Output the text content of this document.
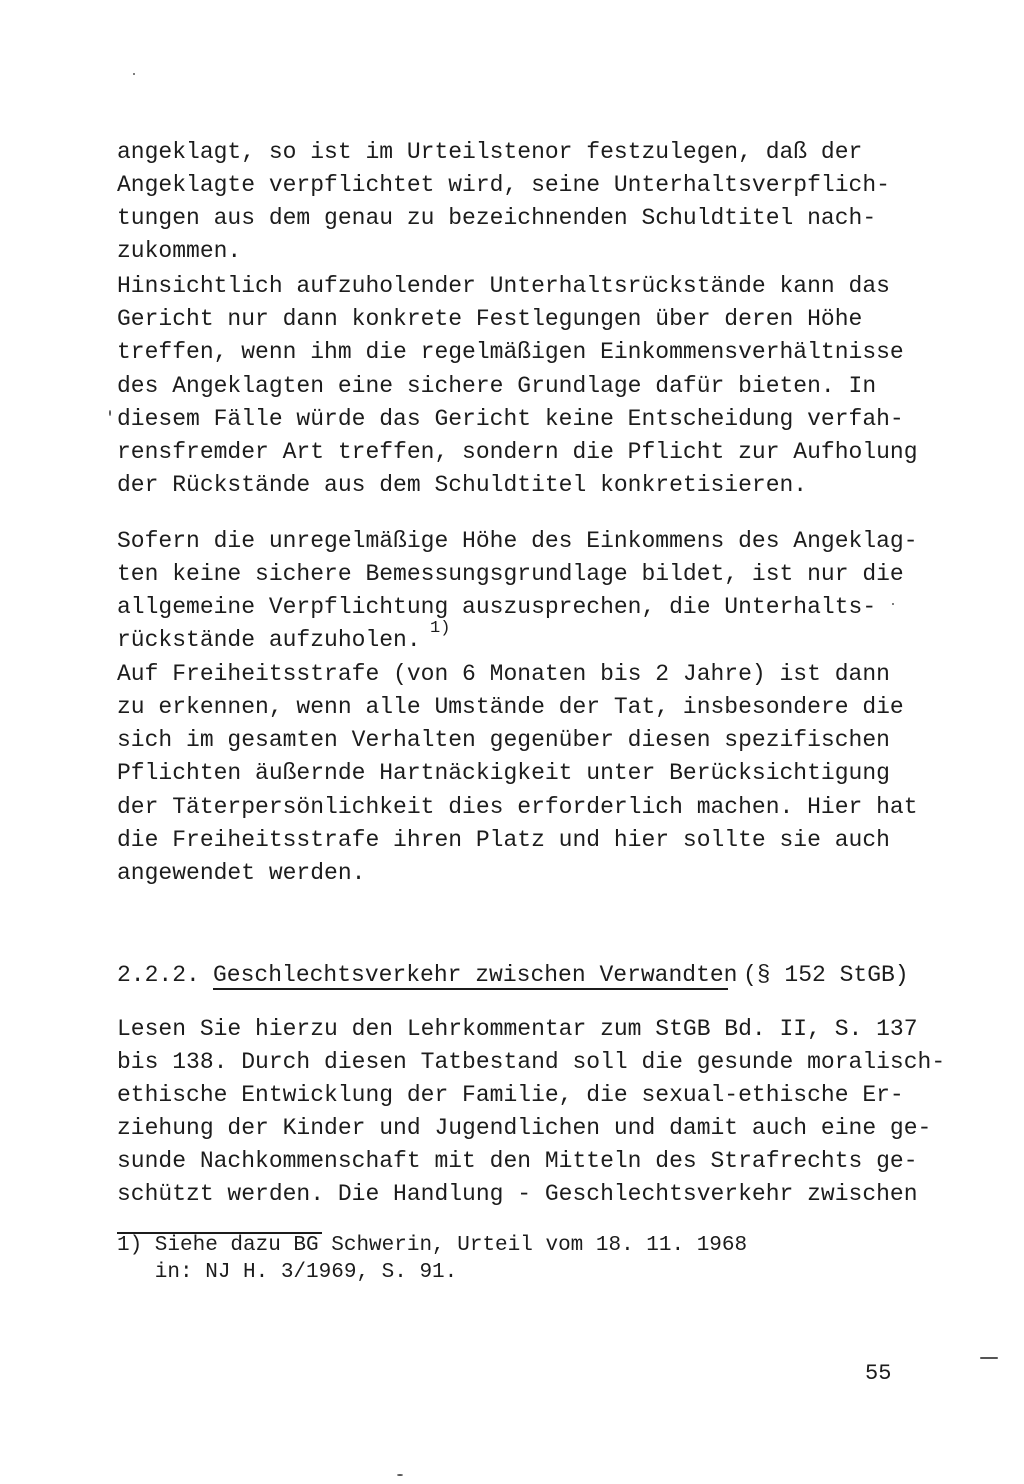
angeklagt, so ist im Urteilstenor festzulegen, daß der
Angeklagte verpflichtet wird, seine Unterhaltsverpflich-
tungen aus dem genau zu bezeichnenden Schuldtitel nach-
zukommen.
Hinsichtlich aufzuholender Unterhaltsrückstände kann das
Gericht nur dann konkrete Festlegungen über deren Höhe
treffen, wenn ihm die regelmäßigen Einkommensverhältnisse
des Angeklagten eine sichere Grundlage dafür bieten. In
diesem Fälle würde das Gericht keine Entscheidung verfah-
rensfremder Art treffen, sondern die Pflicht zur Aufholung
der Rückstände aus dem Schuldtitel konkretisieren.
Sofern die unregelmäßige Höhe des Einkommens des Angeklag-
ten keine sichere Bemessungsgrundlage bildet, ist nur die
allgemeine Verpflichtung auszusprechen, die Unterhalts-
rückstände aufzuholen. 1)
Auf Freiheitsstrafe (von 6 Monaten bis 2 Jahre) ist dann
zu erkennen, wenn alle Umstände der Tat, insbesondere die
sich im gesamten Verhalten gegenüber diesen spezifischen
Pflichten äußernde Hartnäckigkeit unter Berücksichtigung
der Täterpersönlichkeit dies erforderlich machen. Hier hat
die Freiheitsstrafe ihren Platz und hier sollte sie auch
angewendet werden.
2.2.2. Geschlechtsverkehr zwischen Verwandten (§ 152 StGB)
Lesen Sie hierzu den Lehrkommentar zum StGB Bd. II, S. 137
bis 138. Durch diesen Tatbestand soll die gesunde moralisch-
ethische Entwicklung der Familie, die sexual-ethische Er-
ziehung der Kinder und Jugendlichen und damit auch eine ge-
sunde Nachkommenschaft mit den Mitteln des Strafrechts ge-
schützt werden. Die Handlung - Geschlechtsverkehr zwischen
1) Siehe dazu BG Schwerin, Urteil vom 18. 11. 1968
in: NJ H. 3/1969, S. 91.
55
